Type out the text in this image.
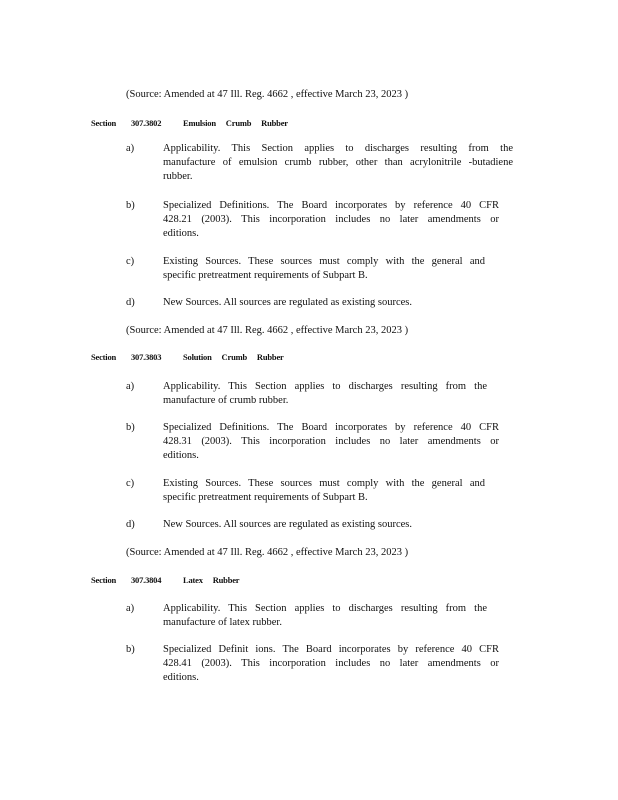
(Source: Amended at 47 Ill. Reg. 4662 , effective March 23, 2023 )
Section 307.3802	Emulsion Crumb Rubber
a)	Applicability. This Section applies to discharges resulting from the
manufacture of emulsion crumb rubber, other than acrylonitrile -butadiene
rubber.
b)	Specialized Definitions. The Board incorporates by reference 40 CFR
428.21 (2003). This incorporation includes no later amendments or
editions.
c)	Existing Sources. These sources must comply with the general and
specific pretreatment requirements of Subpart B.
d)	New Sources. All sources are regulated as existing sources.
(Source: Amended at 47 Ill. Reg. 4662 , effective March 23, 2023 )
Section 307.3803	Solution Crumb Rubber
a)	Applicability. This Section applies to discharges resulting from the
manufacture of crumb rubber.
b)	Specialized Definitions. The Board incorporates by reference 40 CFR
428.31 (2003). This incorporation includes no later amendments or
editions.
c)	Existing Sources. These sources must comply with the general and
specific pretreatment requirements of Subpart B.
d)	New Sources. All sources are regulated as existing sources.
(Source: Amended at 47 Ill. Reg. 4662 , effective March 23, 2023 )
Section 307.3804	Latex Rubber
a)	Applicability. This Section applies to discharges resulting from the
manufacture of latex rubber.
b)	Specialized Definit ions. The Board incorporates by reference 40 CFR
428.41 (2003). This incorporation includes no later amendments or
editions.
